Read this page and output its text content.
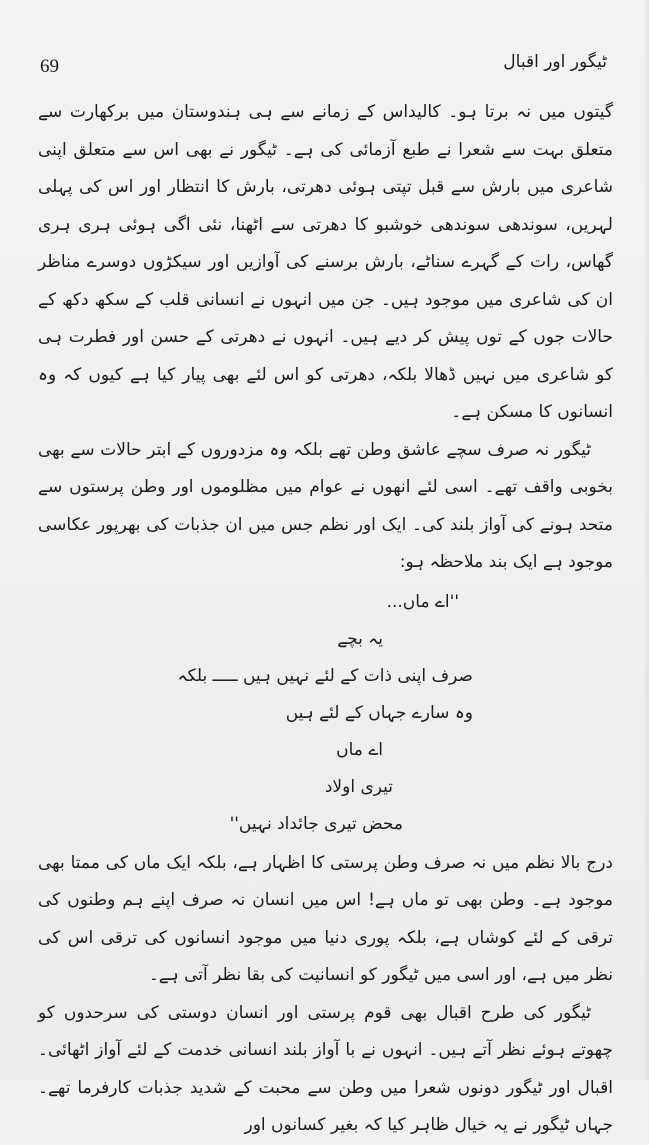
69	ٹیگور اور اقبال

گیتوں میں نہ برتا ہو۔ کالیداس کے زمانے سے ہی ہندوستان میں برکھارت سے متعلق بہت سے شعرا نے طبع آزمائی کی ہے۔ ٹیگور نے بھی اس سے متعلق اپنی شاعری میں بارش سے قبل تپتی ہوئی دھرتی، بارش کا انتظار اور اس کی پہلی لہریں، سوندھی سوندھی خوشبو کا دھرتی سے اٹھنا، نئی اگی ہوئی ہری ہری گھاس، رات کے گہرے سناٹے، بارش برسنے کی آوازیں اور سیکڑوں دوسرے مناظر ان کی شاعری میں موجود ہیں۔ جن میں انہوں نے انسانی قلب کے سکھ دکھ کے حالات جوں کے توں پیش کر دیے ہیں۔ انہوں نے دھرتی کے حسن اور فطرت ہی کو شاعری میں نہیں ڈھالا بلکہ، دھرتی کو اس لئے بھی پیار کیا ہے کیوں کہ وہ انسانوں کا مسکن ہے۔

ٹیگور نہ صرف سچے عاشق وطن تھے بلکہ وہ مزدوروں کے ابتر حالات سے بھی بخوبی واقف تھے۔ اسی لئے انھوں نے عوام میں مظلوموں اور وطن پرستوں سے متحد ہونے کی آواز بلند کی۔ ایک اور نظم جس میں ان جذبات کی بھرپور عکاسی موجود ہے ایک بند ملاحظہ ہو:

''اے ماں...
یہ بچے
صرف اپنی ذات کے لئے نہیں ہیں ـــــ بلکہ
وہ سارے جہاں کے لئے ہیں
اے ماں
تیری اولاد
محض تیری جائداد نہیں''

درج بالا نظم میں نہ صرف وطن پرستی کا اظہار ہے، بلکہ ایک ماں کی ممتا بھی موجود ہے۔ وطن بھی تو ماں ہے! اس میں انسان نہ صرف اپنے ہم وطنوں کی ترقی کے لئے کوشاں ہے، بلکہ پوری دنیا میں موجود انسانوں کی ترقی اس کی نظر میں ہے، اور اسی میں ٹیگور کو انسانیت کی بقا نظر آتی ہے۔

ٹیگور کی طرح اقبال بھی قوم پرستی اور انسان دوستی کی سرحدوں کو چھوتے ہوئے نظر آتے ہیں۔ انہوں نے با آواز بلند انسانی خدمت کے لئے آواز اٹھائی۔ اقبال اور ٹیگور دونوں شعرا میں وطن سے محبت کے شدید جذبات کارفرما تھے۔ جہاں ٹیگور نے یہ خیال ظاہر کیا کہ بغیر کسانوں اور
